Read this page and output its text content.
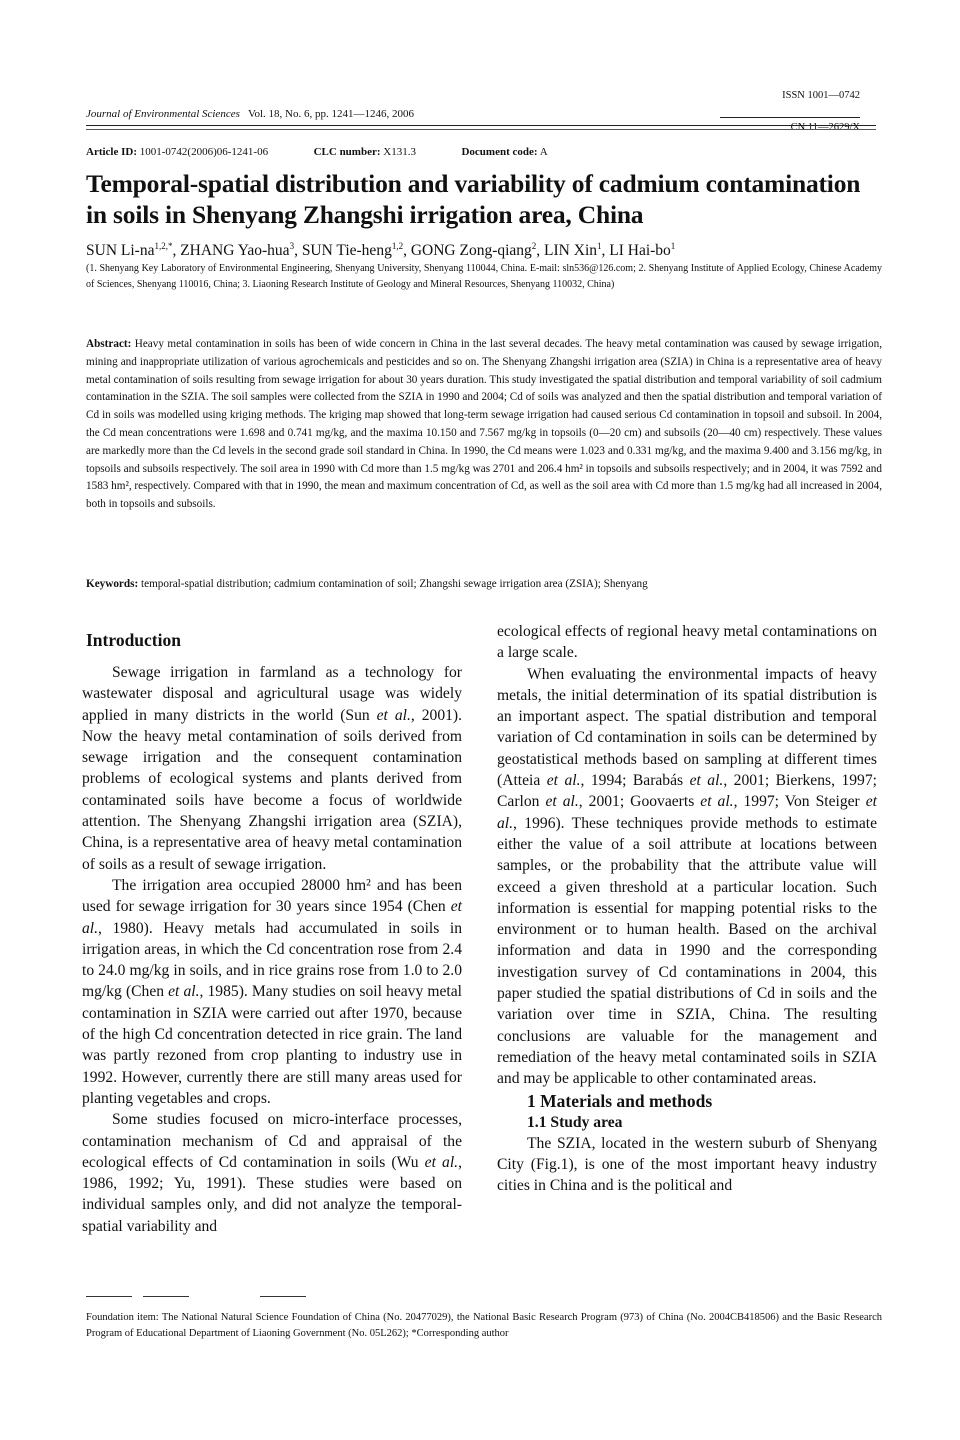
ISSN 1001—0742
CN 11—2629/X
Journal of Environmental Sciences Vol. 18, No. 6, pp. 1241—1246, 2006
Article ID: 1001-0742(2006)06-1241-06	CLC number: X131.3	Document code: A
Temporal-spatial distribution and variability of cadmium contamination in soils in Shenyang Zhangshi irrigation area, China
SUN $Li-na^{1,2,*}$, ZHANG Yao-hua$^3$, SUN Tie-heng$^{1,2}$, GONG Zong-qiang$^2$, LIN Xin$^1$, LI Hai-$bo^1$
(1. Shenyang Key Laboratory of Environmental Engineering, Shenyang University, Shenyang 110044, China. E-mail: sln536@126.com; 2. Shenyang Institute of Applied Ecology, Chinese Academy of Sciences, Shenyang 110016, China; 3. Liaoning Research Institute of Geology and Mineral Resources, Shenyang 110032, China)
Abstract: Heavy metal contamination in soils has been of wide concern in China in the last several decades. The heavy metal contamination was caused by sewage irrigation, mining and inappropriate utilization of various agrochemicals and pesticides and so on. The Shenyang Zhangshi irrigation area (SZIA) in China is a representative area of heavy metal contamination of soils resulting from sewage irrigation for about 30 years duration. This study investigated the spatial distribution and temporal variability of soil cadmium contamination in the SZIA. The soil samples were collected from the SZIA in 1990 and 2004; Cd of soils was analyzed and then the spatial distribution and temporal variation of Cd in soils was modelled using kriging methods. The kriging map showed that long-term sewage irrigation had caused serious Cd contamination in topsoil and subsoil. In 2004, the Cd mean concentrations were 1.698 and 0.741 mg/kg, and the maxima 10.150 and 7.567 mg/kg in topsoils (0—20 cm) and subsoils (20—40 cm) respectively. These values are markedly more than the Cd levels in the second grade soil standard in China. In 1990, the Cd means were 1.023 and 0.331 mg/kg, and the maxima 9.400 and 3.156 mg/kg, in topsoils and subsoils respectively. The soil area in 1990 with Cd more than 1.5 mg/kg was 2701 and 206.4 hm² in topsoils and subsoils respectively; and in 2004, it was 7592 and 1583 hm², respectively. Compared with that in 1990, the mean and maximum concentration of Cd, as well as the soil area with Cd more than 1.5 mg/kg had all increased in 2004, both in topsoils and subsoils.
Keywords: temporal-spatial distribution; cadmium contamination of soil; Zhangshi sewage irrigation area (ZSIA); Shenyang
Introduction

Sewage irrigation in farmland as a technology for wastewater disposal and agricultural usage was widely applied in many districts in the world (Sun et al., 2001). Now the heavy metal contamination of soils derived from sewage irrigation and the consequent contamination problems of ecological systems and plants derived from contaminated soils have become a focus of worldwide attention. The Shenyang Zhangshi irrigation area (SZIA), China, is a representative area of heavy metal contamination of soils as a result of sewage irrigation.

The irrigation area occupied 28000 hm² and has been used for sewage irrigation for 30 years since 1954 (Chen et al., 1980). Heavy metals had accumulated in soils in irrigation areas, in which the Cd concentration rose from 2.4 to 24.0 mg/kg in soils, and in rice grains rose from 1.0 to 2.0 mg/kg (Chen et al., 1985). Many studies on soil heavy metal contamination in SZIA were carried out after 1970, because of the high Cd concentration detected in rice grain. The land was partly rezoned from crop planting to industry use in 1992. However, currently there are still many areas used for planting vegetables and crops.

Some studies focused on micro-interface processes, contamination mechanism of Cd and appraisal of the ecological effects of Cd contamination in soils (Wu et al., 1986, 1992; Yu, 1991). These studies were based on individual samples only, and did not analyze the temporal-spatial variability and

ecological effects of regional heavy metal contaminations on a large scale.

When evaluating the environmental impacts of heavy metals, the initial determination of its spatial distribution is an important aspect. The spatial distribution and temporal variation of Cd contamination in soils can be determined by geostatistical methods based on sampling at different times (Atteia et al., 1994; Barabás et al., 2001; Bierkens, 1997; Carlon et al., 2001; Goovaerts et al., 1997; Von Steiger et al., 1996). These techniques provide methods to estimate either the value of a soil attribute at locations between samples, or the probability that the attribute value will exceed a given threshold at a particular location. Such information is essential for mapping potential risks to the environment or to human health. Based on the archival information and data in 1990 and the corresponding investigation survey of Cd contaminations in 2004, this paper studied the spatial distributions of Cd in soils and the variation over time in SZIA, China. The resulting conclusions are valuable for the management and remediation of the heavy metal contaminated soils in SZIA and may be applicable to other contaminated areas.

1 Materials and methods

1.1 Study area

The SZIA, located in the western suburb of Shenyang City (Fig.1), is one of the most important heavy industry cities in China and is the political and

Foundation item: The National Natural Science Foundation of China (No. 20477029), the National Basic Research Program (973) of China (No. 2004CB418506) and the Basic Research Program of Educational Department of Liaoning Government (No. 05L262); *Corresponding author
